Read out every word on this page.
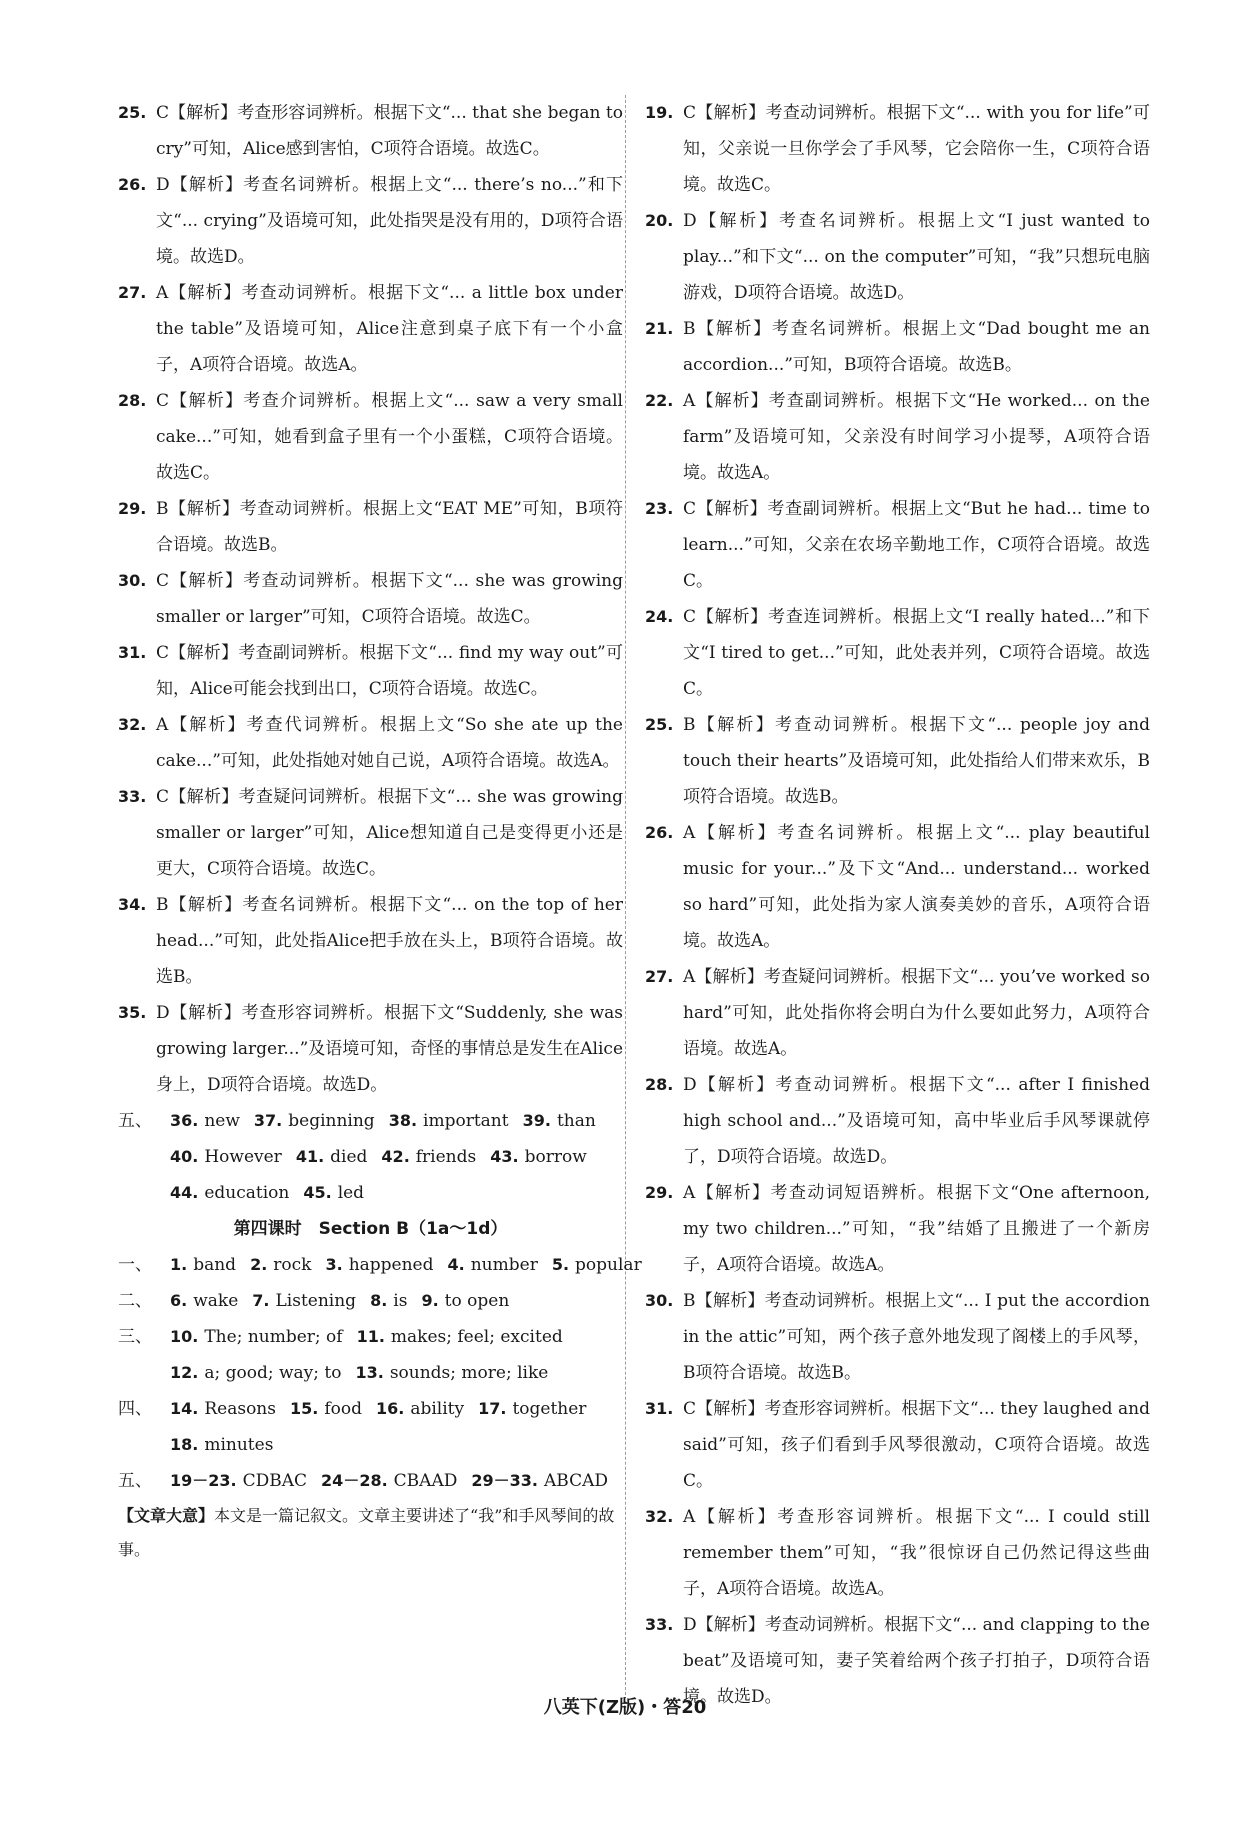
25. C【解析】考查形容词辨析。根据下文“... that she began to cry”可知，Alice感到害怕，C项符合语境。故选C。
26. D【解析】考查名词辨析。根据上文“... there’s no...”和下文“... crying”及语境可知，此处指哭是没有用的，D项符合语境。故选D。
27. A【解析】考查动词辨析。根据下文“... a little box under the table”及语境可知，Alice注意到桌子底下有一个小盒子，A项符合语境。故选A。
28. C【解析】考查介词辨析。根据上文“... saw a very small cake...”可知，她看到盒子里有一个小蛋糕，C项符合语境。故选C。
29. B【解析】考查动词辨析。根据上文“EAT ME”可知，B项符合语境。故选B。
30. C【解析】考查动词辨析。根据下文“... she was growing smaller or larger”可知，C项符合语境。故选C。
31. C【解析】考查副词辨析。根据下文“... find my way out”可知，Alice可能会找到出口，C项符合语境。故选C。
32. A【解析】考查代词辨析。根据上文“So she ate up the cake...”可知，此处指她对她自己说，A项符合语境。故选A。
33. C【解析】考查疑问词辨析。根据下文“... she was growing smaller or larger”可知，Alice想知道自己是变得更小还是更大，C项符合语境。故选C。
34. B【解析】考查名词辨析。根据下文“... on the top of her head...”可知，此处指Alice把手放在头上，B项符合语境。故选B。
35. D【解析】考查形容词辨析。根据下文“Suddenly, she was growing larger...”及语境可知，奇怪的事情总是发生在Alice身上，D项符合语境。故选D。
五、 36. new 37. beginning 38. important 39. than
40. However 41. died 42. friends 43. borrow
44. education 45. led
第四课时　Section B（1a～1d）
一、 1. band 2. rock 3. happened 4. number 5. popular
二、 6. wake 7. Listening 8. is 9. to open
三、 10. The; number; of 11. makes; feel; excited
12. a; good; way; to 13. sounds; more; like
四、 14. Reasons 15. food 16. ability 17. together
18. minutes
五、 19－23. CDBAC 24－28. CBAAD 29－33. ABCAD
【文章大意】本文是一篇记叙文。文章主要讲述了“我”和手风琴间的故事。
19. C【解析】考查动词辨析。根据下文“... with you for life”可知，父亲说一旦你学会了手风琴，它会陪你一生，C项符合语境。故选C。
20. D【解析】考查名词辨析。根据上文“I just wanted to play...”和下文“... on the computer”可知，“我”只想玩电脑游戏，D项符合语境。故选D。
21. B【解析】考查名词辨析。根据上文“Dad bought me an accordion...”可知，B项符合语境。故选B。
22. A【解析】考查副词辨析。根据下文“He worked... on the farm”及语境可知，父亲没有时间学习小提琴，A项符合语境。故选A。
23. C【解析】考查副词辨析。根据上文“But he had... time to learn...”可知，父亲在农场辛勤地工作，C项符合语境。故选C。
24. C【解析】考查连词辨析。根据上文“I really hated...”和下文“I tired to get...”可知，此处表并列，C项符合语境。故选C。
25. B【解析】考查动词辨析。根据下文“... people joy and touch their hearts”及语境可知，此处指给人们带来欢乐，B项符合语境。故选B。
26. A【解析】考查名词辨析。根据上文“... play beautiful music for your...”及下文“And... understand... worked so hard”可知，此处指为家人演奏美妙的音乐，A项符合语境。故选A。
27. A【解析】考查疑问词辨析。根据下文“... you’ve worked so hard”可知，此处指你将会明白为什么要如此努力，A项符合语境。故选A。
28. D【解析】考查动词辨析。根据下文“... after I finished high school and...”及语境可知，高中毕业后手风琴课就停了，D项符合语境。故选D。
29. A【解析】考查动词短语辨析。根据下文“One afternoon, my two children...”可知，“我”结婚了且搬进了一个新房子，A项符合语境。故选A。
30. B【解析】考查动词辨析。根据上文“... I put the accordion in the attic”可知，两个孩子意外地发现了阁楼上的手风琴，B项符合语境。故选B。
31. C【解析】考查形容词辨析。根据下文“... they laughed and said”可知，孩子们看到手风琴很激动，C项符合语境。故选C。
32. A【解析】考查形容词辨析。根据下文“... I could still remember them”可知，“我”很惊讶自己仍然记得这些曲子，A项符合语境。故选A。
33. D【解析】考查动词辨析。根据下文“... and clapping to the beat”及语境可知，妻子笑着给两个孩子打拍子，D项符合语境。故选D。
八英下(Z版)・答20
